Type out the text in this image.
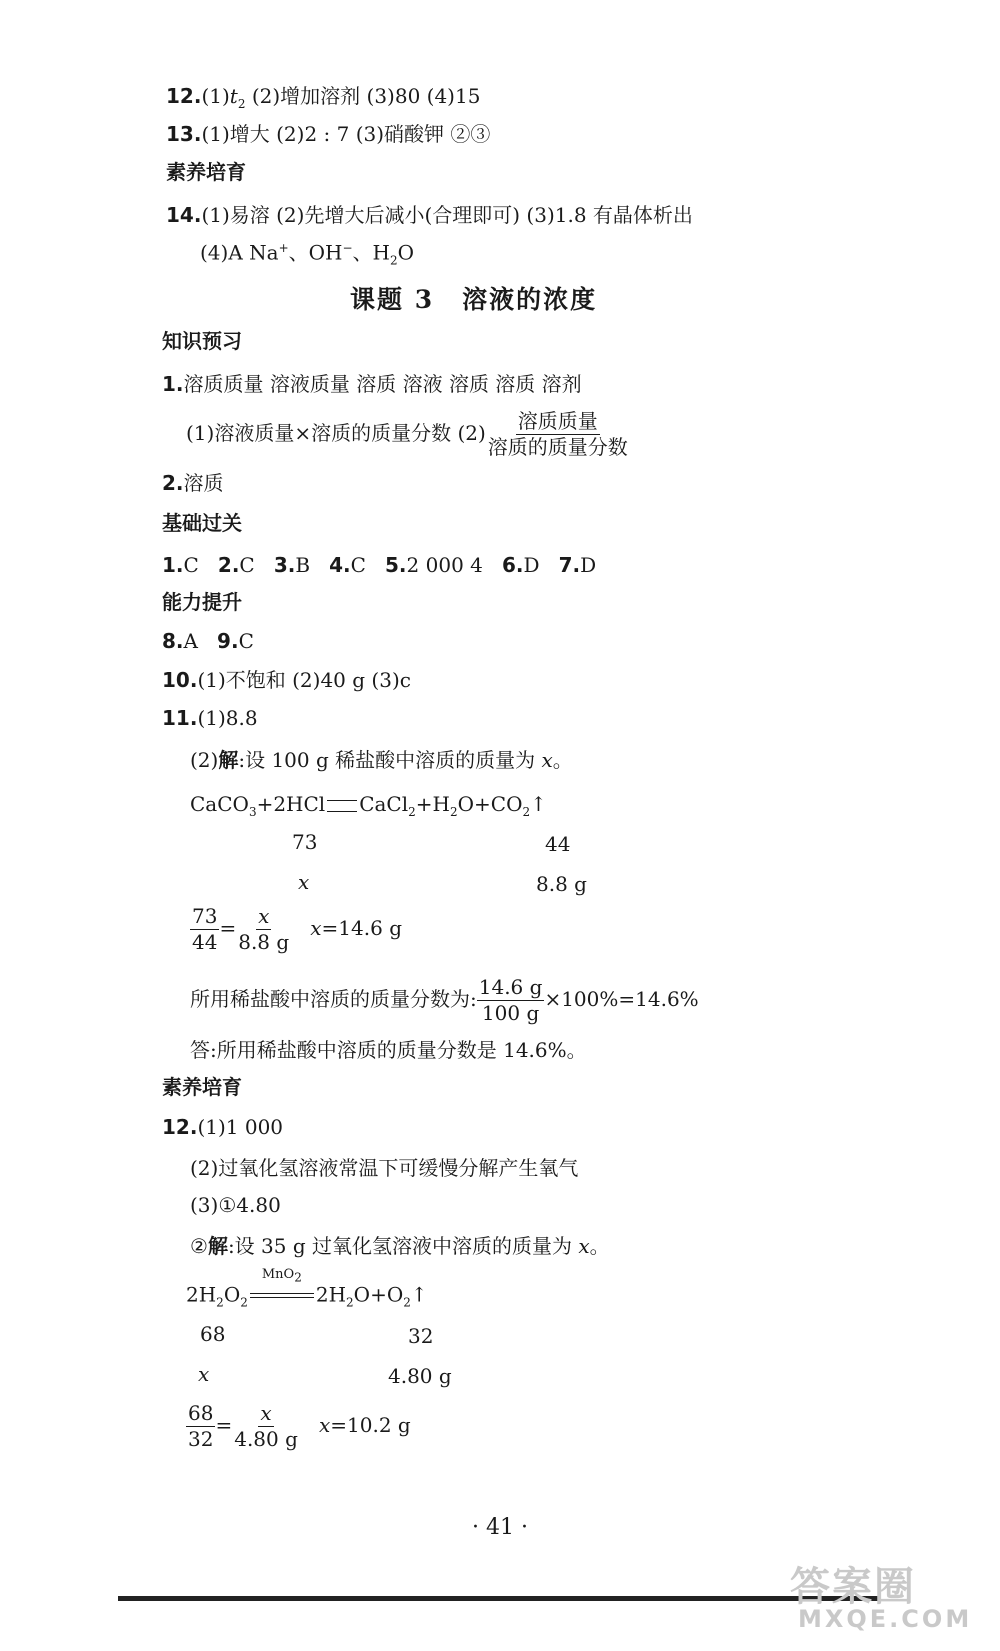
$12.(1)t_2$ (2)增加溶剂 (3)80 (4)15
13.(1)增大 (2)2 : 7 (3)硝酸钾 ②③
素养培育
14.(1)易溶 (2)先增大后减小(合理即可) (3)1.8 有晶体析出
(4)A Na+、OH−、$H_2O$
课题 3 溶液的浓度
知识预习
1.溶质质量 溶液质量 溶质 溶液 溶质 溶质 溶剂
(1)溶液质量×溶质的质量分数 $(2) \frac{\text{溶质质量}}{\text{溶质的质量分数}}$
2.溶质
基础过关
1.C 2.C 3.B 4.C 5.2 000 4 6.D 7.D
能力提升
8.A 9.C
10.(1)不饱和 (2)40 g (3)c
11.(1)8.8
(2)解:设 100 g 稀盐酸中溶质的质量为 x。
CaCO$_3$+2HCl $CaCl_2+H_2O+CO_2↑$
73	44
x	8.8 g
$\frac{73}{44} = \frac{x}{8.8 g} x=14.6$ g
所用稀盐酸中溶质的质量分数为: $\frac{14.6 g}{100 g} \times 100\%=14.6\%$
答:所用稀盐酸中溶质的质量分数是 14.6%。
素养培育
12.(1)1 000
(2)过氧化氢溶液常温下可缓慢分解产生氧气
(3)①4.80
②解:设 35 g 过氧化氢溶液中溶质的质量为 x。
$2H_2O_2$
MnO$_2$
$2H_2O+O_2↑$
68	32
x	4.80 g
$\frac{68}{32} = \frac{x}{4.80 g} x=10.2$ g
· 41 ·
答案圈
MXQE.COM
